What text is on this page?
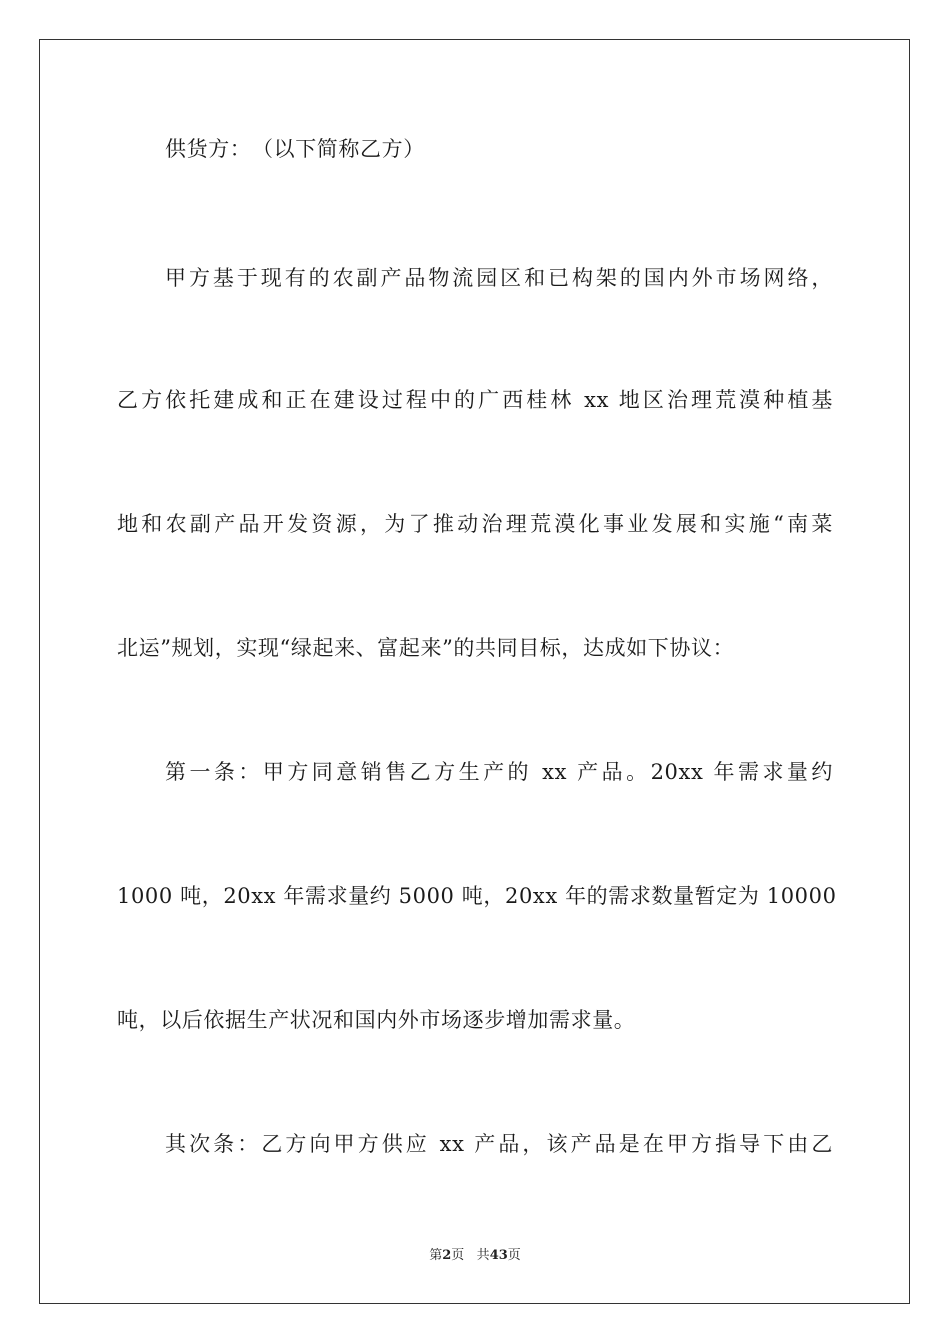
供货方：　（以下简称乙方）

甲方基于现有的农副产品物流园区和已构架的国内外市场网络，

乙方依托建成和正在建设过程中的广西桂林 xx 地区治理荒漠种植基

地和农副产品开发资源，为了推动治理荒漠化事业发展和实施“南菜

北运”规划，实现“绿起来、富起来”的共同目标，达成如下协议：

第一条：甲方同意销售乙方生产的 xx 产品。20xx 年需求量约

1000 吨，20xx 年需求量约 5000 吨，20xx 年的需求数量暂定为 10000

吨，以后依据生产状况和国内外市场逐步增加需求量。

其次条：乙方向甲方供应 xx 产品，该产品是在甲方指导下由乙

第2页 共43页
